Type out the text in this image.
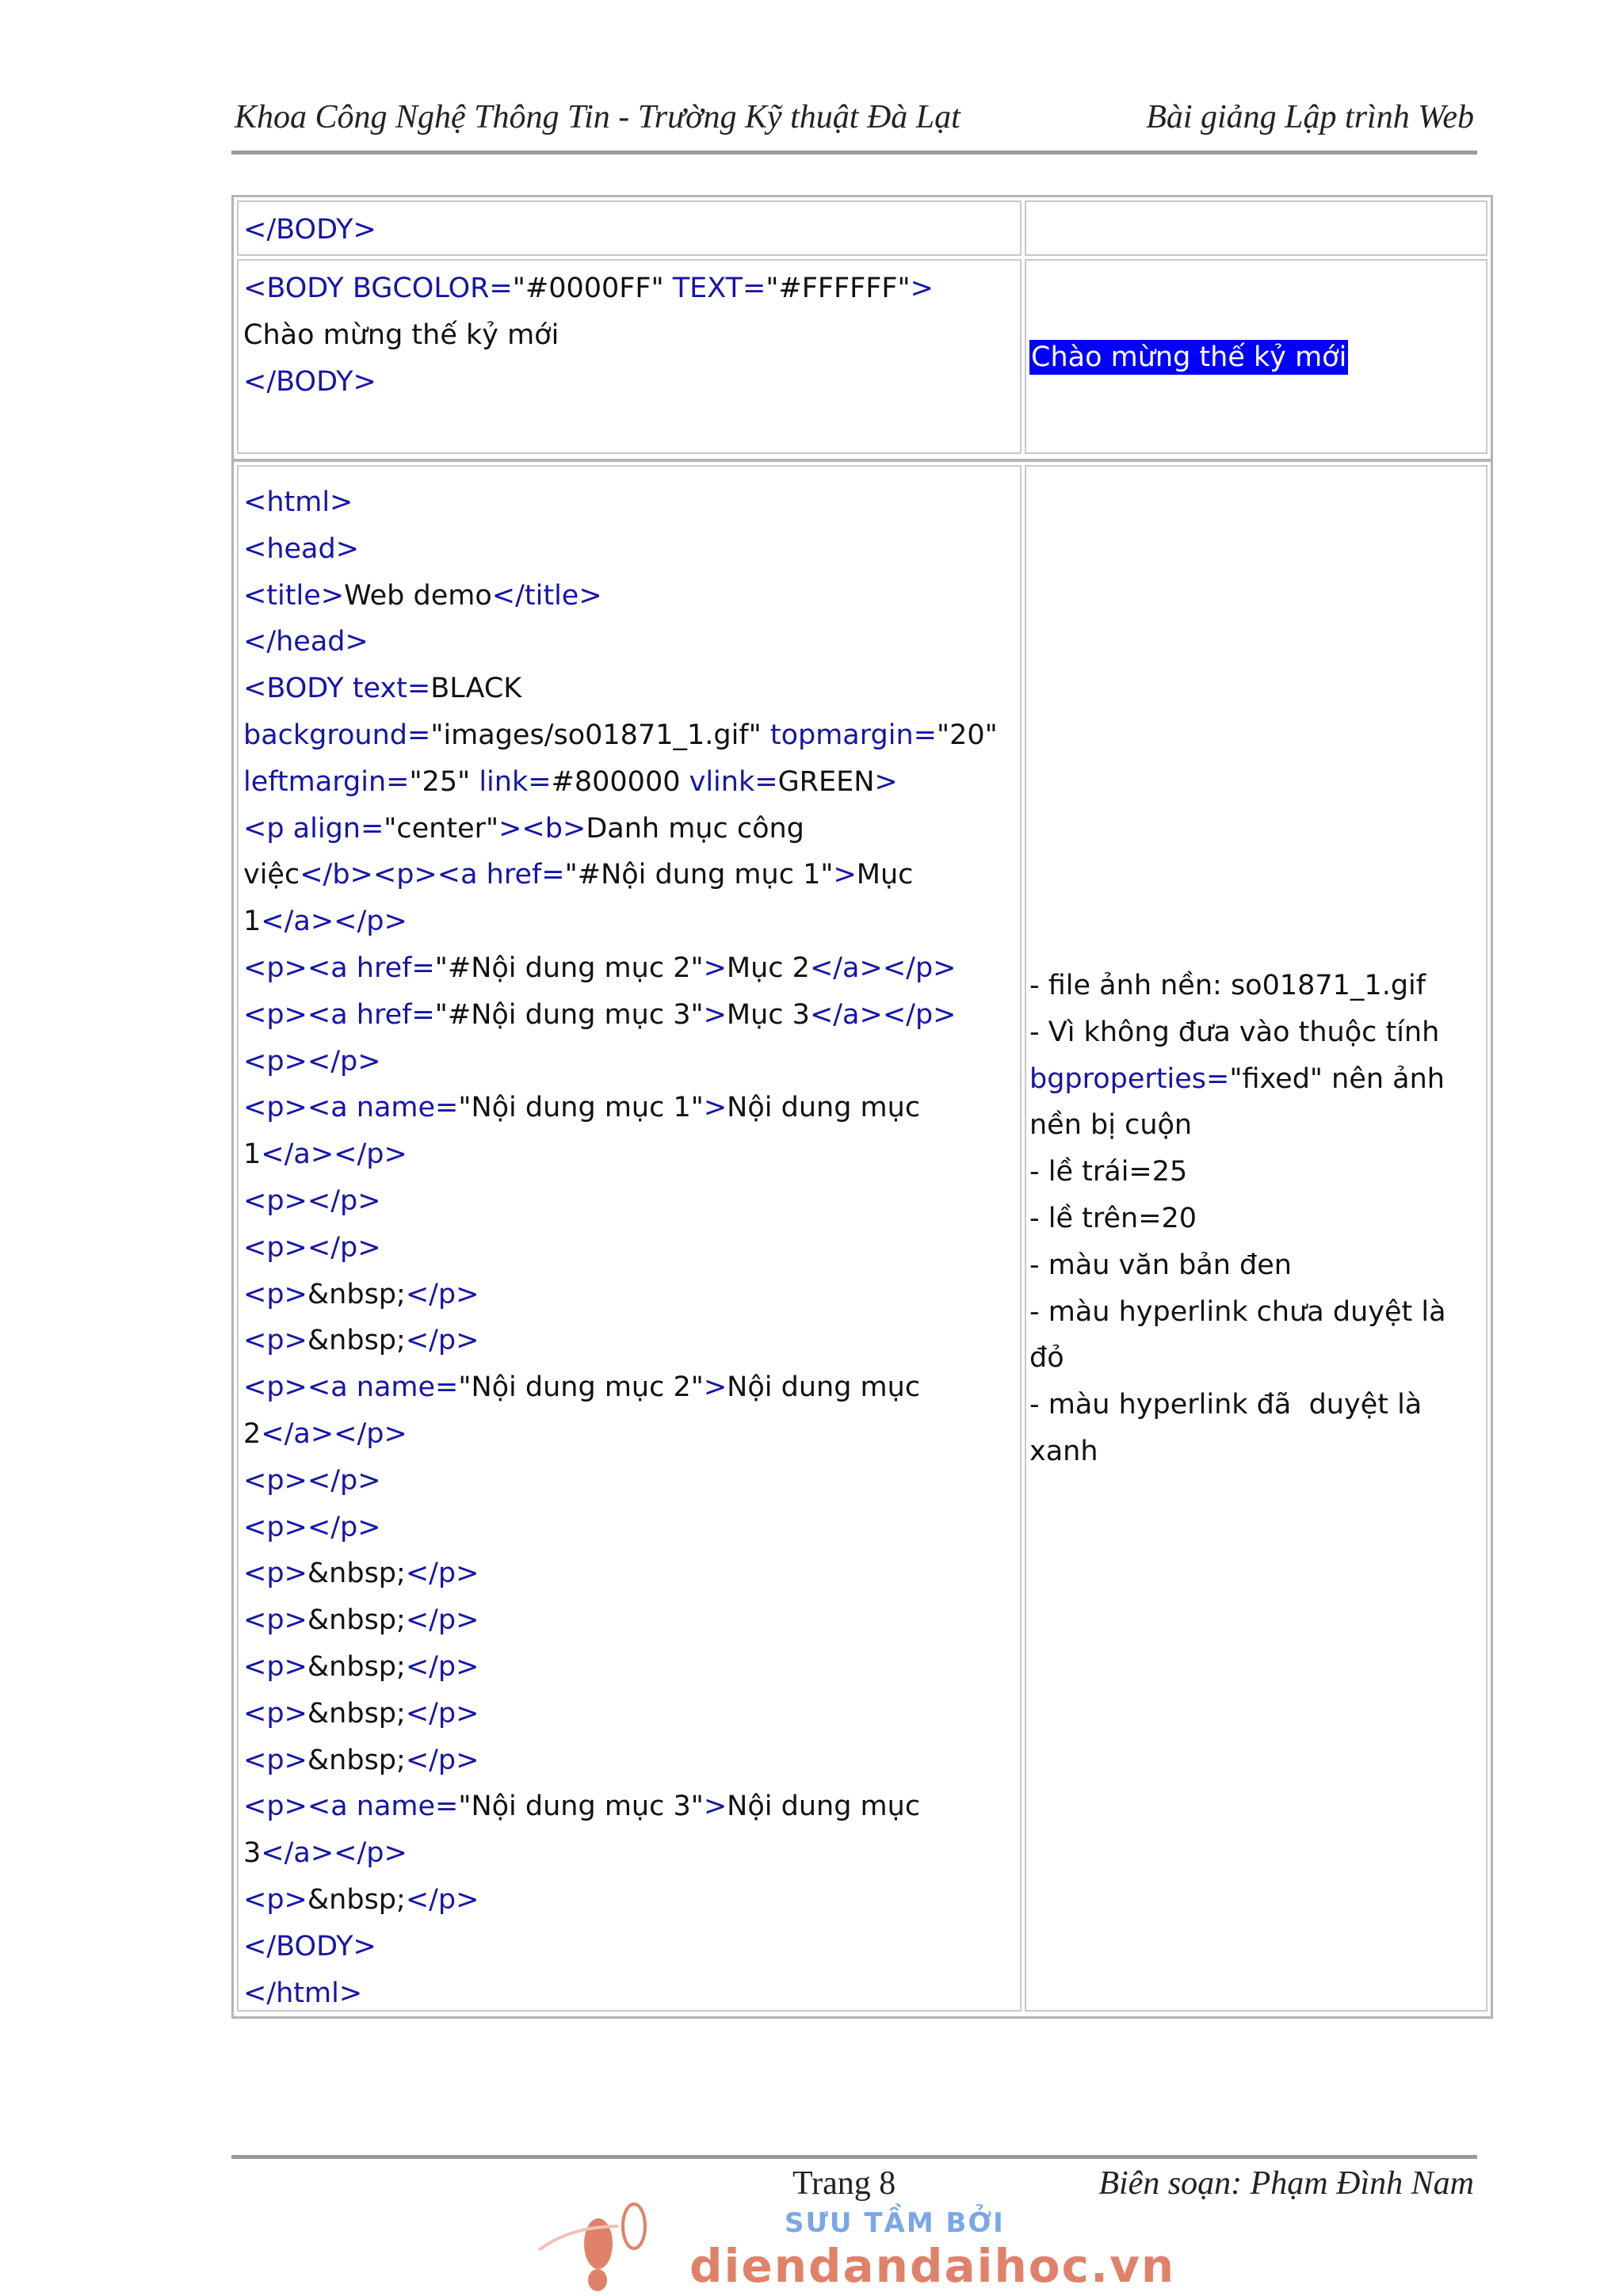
Khoa Công Nghệ Thông Tin - Trường Kỹ thuật Đà Lạt	Bài giảng Lập trình Web
</BODY>
<BODY BGCOLOR="#0000FF" TEXT="#FFFFFF">
Chào mừng thế kỷ mới
</BODY>
Chào mừng thế kỷ mới
<html>
<head>
<title>Web demo</title>
</head>
<BODY text=BLACK
background="images/so01871_1.gif" topmargin="20"
leftmargin="25" link=#800000 vlink=GREEN>
<p align="center"><b>Danh mục công
việc</b><p><a href="#Nội dung mục 1">Mục
1</a></p>
<p><a href="#Nội dung mục 2">Mục 2</a></p>
<p><a href="#Nội dung mục 3">Mục 3</a></p>
<p></p>
<p><a name="Nội dung mục 1">Nội dung mục
1</a></p>
<p></p>
<p></p>
<p>&nbsp;</p>
<p>&nbsp;</p>
<p><a name="Nội dung mục 2">Nội dung mục
2</a></p>
<p></p>
<p></p>
<p>&nbsp;</p>
<p>&nbsp;</p>
<p>&nbsp;</p>
<p>&nbsp;</p>
<p>&nbsp;</p>
<p><a name="Nội dung mục 3">Nội dung mục
3</a></p>
<p>&nbsp;</p>
</BODY>
</html>
- file ảnh nền: so01871_1.gif
- Vì không đưa vào thuộc tính
bgproperties="fixed" nên ảnh
nền bị cuộn
- lề trái=25
- lề trên=20
- màu văn bản đen
- màu hyperlink chưa duyệt là
đỏ
- màu hyperlink đã  duyệt là
xanh
Trang 8	Biên soạn: Phạm Đình Nam
SƯU TẦM BỞI
diendandaihoc.vn
